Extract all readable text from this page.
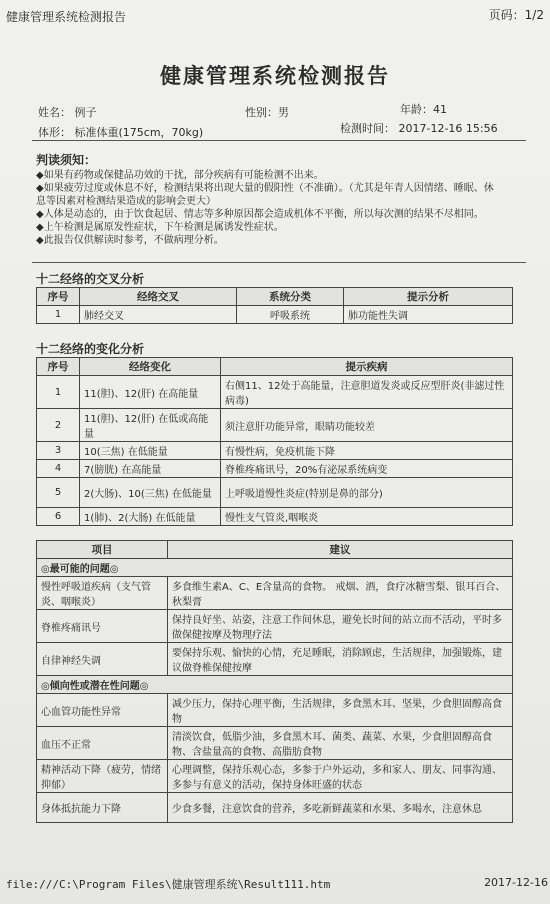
健康管理系统检测报告	页码：1/2
健康管理系统检测报告
姓名： 例子	性别：男	年龄：41
体形： 标准体重(175cm，70kg)	检测时间： 2017-12-16 15:56
判读须知：

◆如果有药物或保健品功效的干扰，部分疾病有可能检测不出来。

◆如果疲劳过度或休息不好，检测结果将出现大量的假阳性（不准确）。（尤其是年青人因情绪、睡眠、休息等因素对检测结果造成的影响会更大）

◆人体是动态的，由于饮食起居、情志等多种原因都会造成机体不平衡，所以每次测的结果不尽相同。

◆上午检测是属原发性症状，下午检测是属诱发性症状。

◆此报告仅供解读时参考，不做病理分析。

十二经络的交叉分析
序号	经络交叉	系统分类	提示分析
1	肺经交叉	呼吸系统	肺功能性失调
十二经络的变化分析
序号	经络变化	提示疾病
1	11(胆)、12(肝) 在高能量	右侧11、12处于高能量，注意胆道发炎或反应型肝炎(非滤过性病毒)
2	11(胆)、12(肝) 在低或高能量	须注意肝功能异常，眼睛功能较差
3	10(三焦) 在低能量	有慢性病，免疫机能下降
4	7(膀胱) 在高能量	脊椎疼痛讯号，20%有泌尿系统病变
5	2(大肠)、10(三焦) 在低能量	上呼吸道慢性炎症(特别是鼻的部分)
6	1(肺)、2(大肠) 在低能量	慢性支气管炎,咽喉炎
项目	建议
◎最可能的问题◎	
慢性呼吸道疾病（支气管炎、咽喉炎）	多食维生素A、C、E含量高的食物。 戒烟、酒，食疗冰糖雪梨、银耳百合、秋梨膏
脊椎疼痛讯号	保持良好坐、站姿，注意工作间休息，避免长时间的站立而不活动，平时多做保健按摩及物理疗法
自律神经失调	要保持乐观、愉快的心情，充足睡眠，消除顾虑，生活规律，加强锻炼，建议做脊椎保健按摩
◎倾向性或潜在性问题◎	
心血管功能性异常	减少压力，保持心理平衡，生活规律，多食黑木耳、坚果，少食胆固醇高食物
血压不正常	清淡饮食，低脂少油，多食黑木耳、菌类、蔬菜、水果，少食胆固醇高食物、含盐量高的食物、高脂肪食物
精神活动下降（疲劳，情绪抑郁）	心理调整，保持乐观心态，多参于户外运动，多和家人、朋友、同事沟通、多参与有意义的活动，保持身体旺盛的状态
身体抵抗能力下降	少食多餐，注意饮食的营养，多吃新鲜蔬菜和水果、多喝水，注意休息
file:///C:\Program Files\健康管理系统\Result111.htm	2017-12-16
